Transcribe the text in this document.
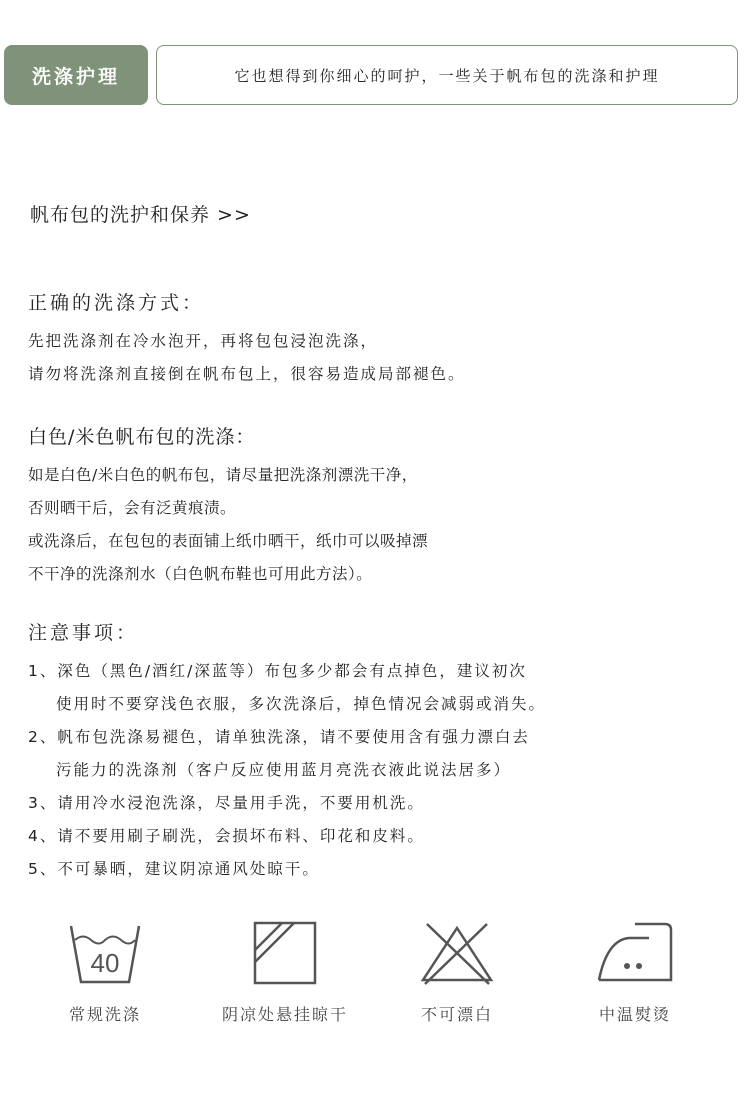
洗涤护理	它也想得到你细心的呵护，一些关于帆布包的洗涤和护理
帆布包的洗护和保养 >>
正确的洗涤方式：
先把洗涤剂在冷水泡开，再将包包浸泡洗涤，
请勿将洗涤剂直接倒在帆布包上，很容易造成局部褪色。
白色/米色帆布包的洗涤：
如是白色/米白色的帆布包，请尽量把洗涤剂漂洗干净，
否则晒干后，会有泛黄痕渍。
或洗涤后，在包包的表面铺上纸巾晒干，纸巾可以吸掉漂
不干净的洗涤剂水（白色帆布鞋也可用此方法）。
注意事项：
1、深色（黑色/酒红/深蓝等）布包多少都会有点掉色，建议初次
使用时不要穿浅色衣服，多次洗涤后，掉色情况会减弱或消失。
2、帆布包洗涤易褪色，请单独洗涤，请不要使用含有强力漂白去
污能力的洗涤剂（客户反应使用蓝月亮洗衣液此说法居多）
3、请用冷水浸泡洗涤，尽量用手洗，不要用机洗。
4、请不要用刷子刷洗，会损坏布料、印花和皮料。
5、不可暴晒，建议阴凉通风处晾干。
40
常规洗涤	阴凉处悬挂晾干	不可漂白	中温熨烫
